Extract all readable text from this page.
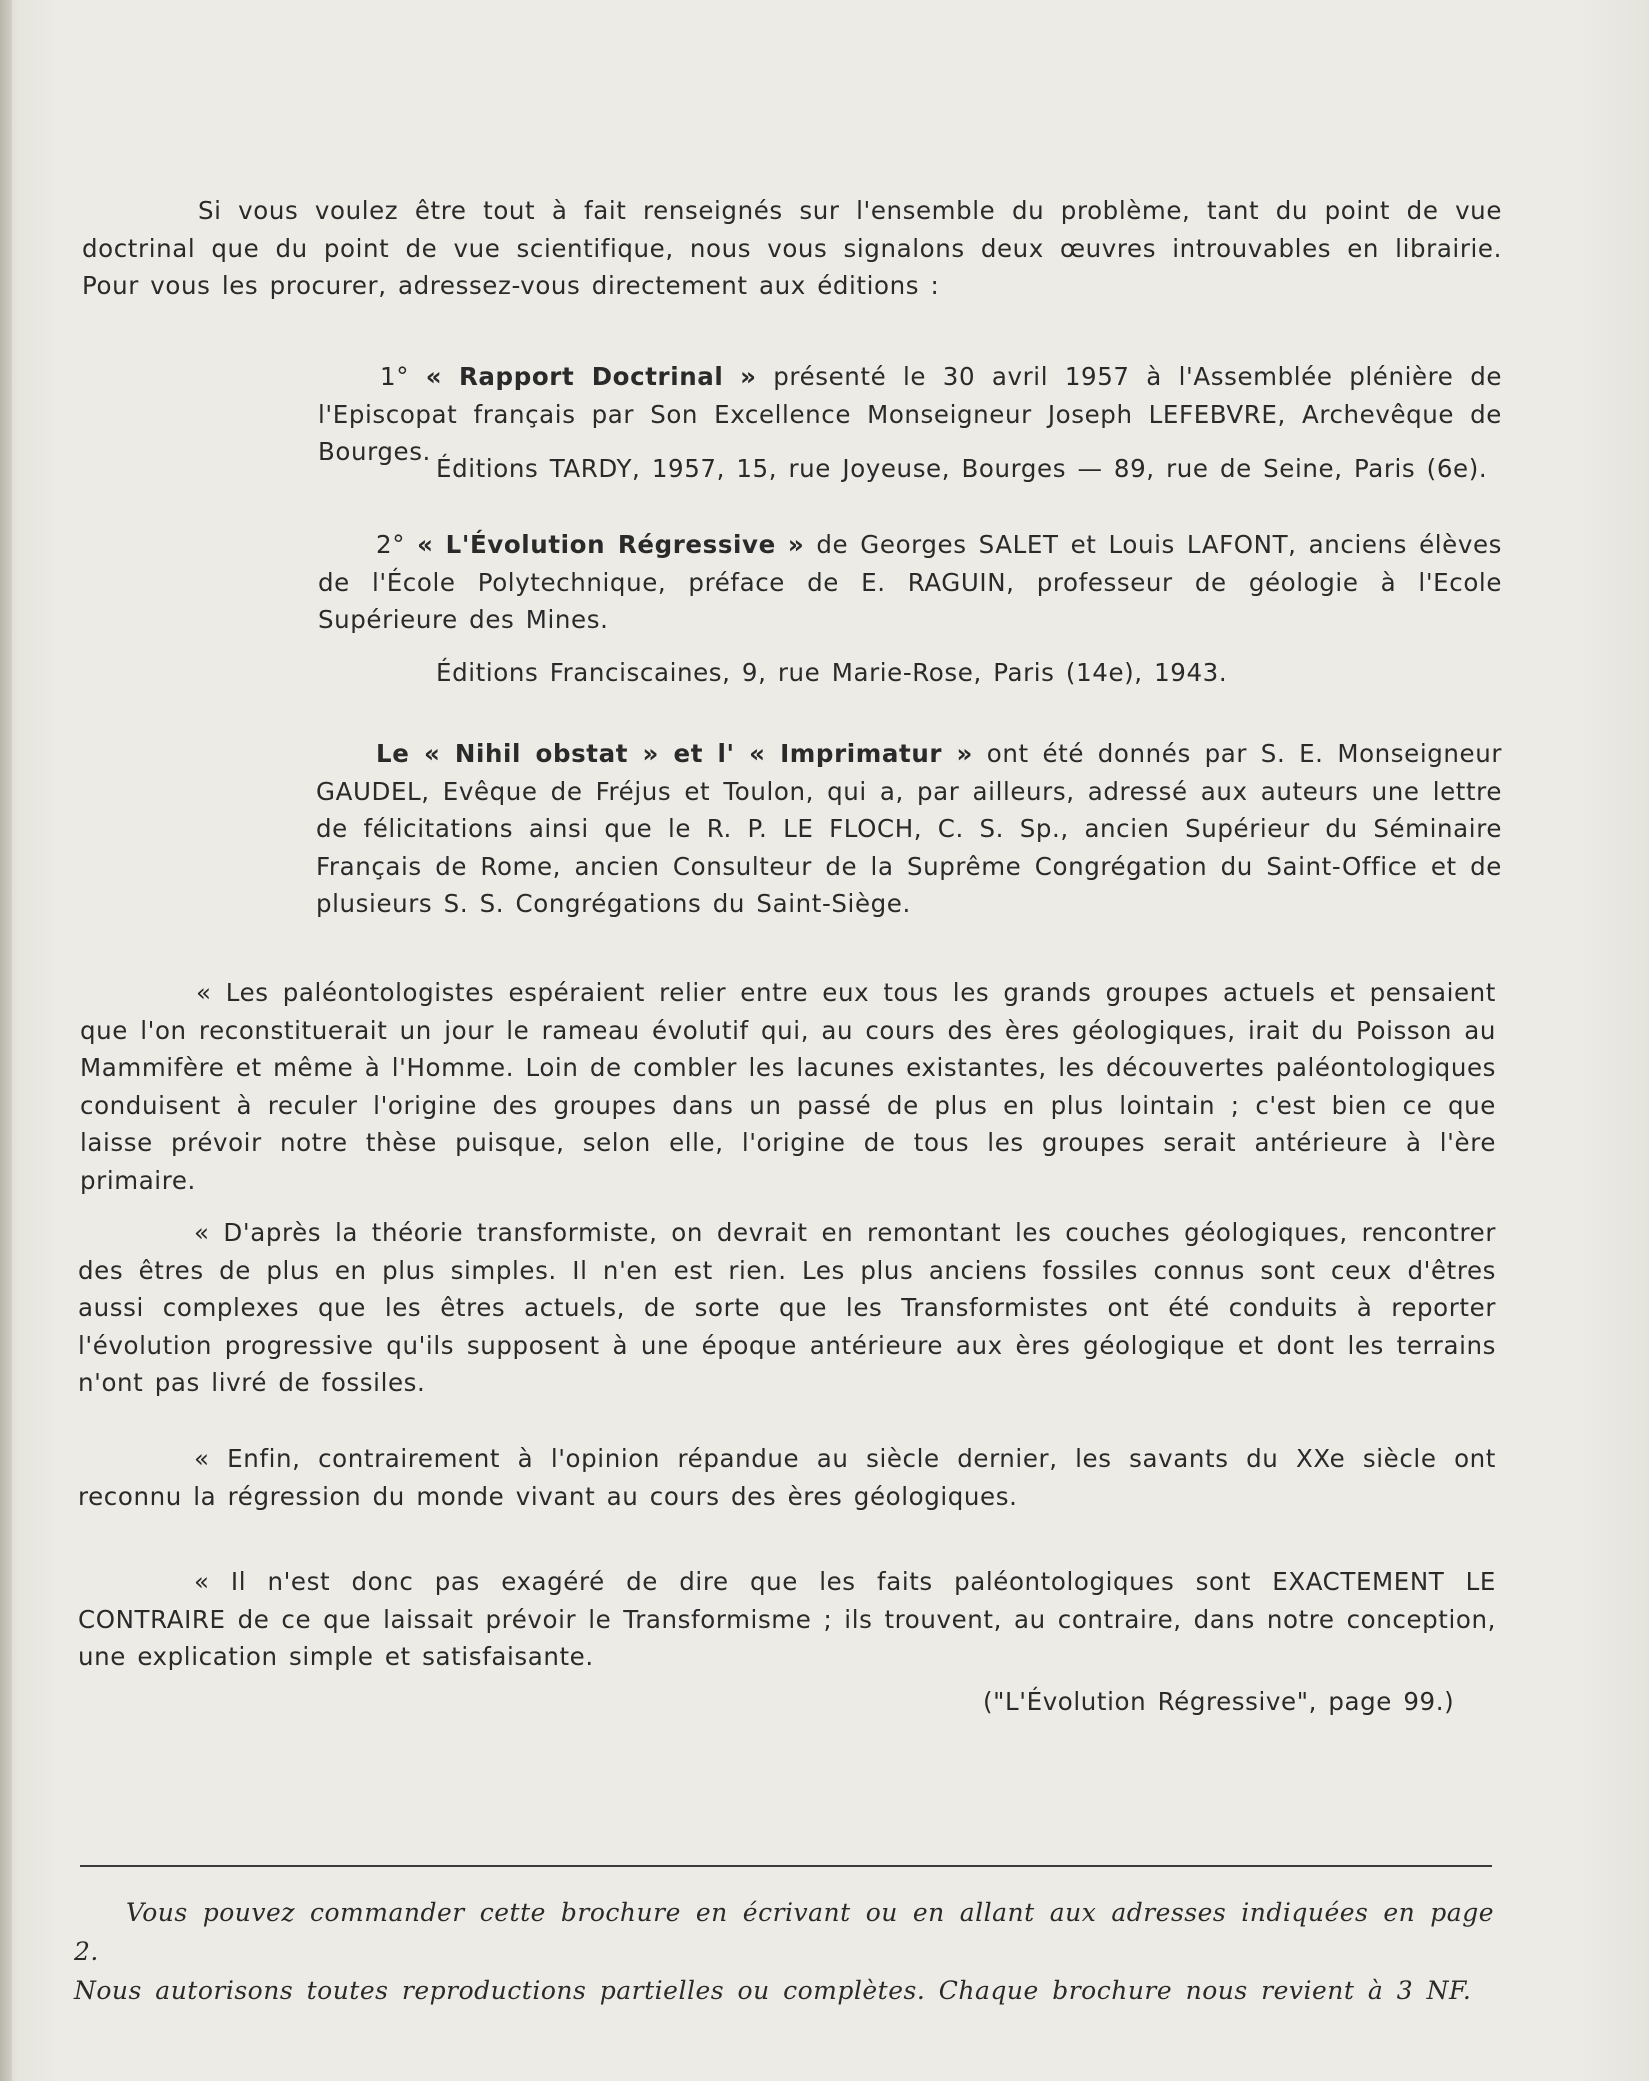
Si vous voulez être tout à fait renseignés sur l'ensemble du problème, tant du point de vue doctrinal que du point de vue scientifique, nous vous signalons deux œuvres introuvables en librairie. Pour vous les procurer, adressez-vous directement aux éditions :

1° « Rapport Doctrinal » présenté le 30 avril 1957 à l'Assemblée plénière de l'Episcopat français par Son Excellence Monseigneur Joseph LEFEBVRE, Archevêque de Bourges.

Éditions TARDY, 1957, 15, rue Joyeuse, Bourges — 89, rue de Seine, Paris (6e).

2° « L'Évolution Régressive » de Georges SALET et Louis LAFONT, anciens élèves de l'École Polytechnique, préface de E. RAGUIN, professeur de géologie à l'Ecole Supérieure des Mines.

Éditions Franciscaines, 9, rue Marie-Rose, Paris (14e), 1943.

Le « Nihil obstat » et l' « Imprimatur » ont été donnés par S. E. Monseigneur GAUDEL, Evêque de Fréjus et Toulon, qui a, par ailleurs, adressé aux auteurs une lettre de félicitations ainsi que le R. P. LE FLOCH, C. S. Sp., ancien Supérieur du Séminaire Français de Rome, ancien Consulteur de la Suprême Congrégation du Saint-Office et de plusieurs S. S. Congrégations du Saint-Siège.

« Les paléontologistes espéraient relier entre eux tous les grands groupes actuels et pensaient que l'on reconstituerait un jour le rameau évolutif qui, au cours des ères géologiques, irait du Poisson au Mammifère et même à l'Homme. Loin de combler les lacunes existantes, les découvertes paléontologiques conduisent à reculer l'origine des groupes dans un passé de plus en plus lointain ; c'est bien ce que laisse prévoir notre thèse puisque, selon elle, l'origine de tous les groupes serait antérieure à l'ère primaire.

« D'après la théorie transformiste, on devrait en remontant les couches géologiques, rencontrer des êtres de plus en plus simples. Il n'en est rien. Les plus anciens fossiles connus sont ceux d'êtres aussi complexes que les êtres actuels, de sorte que les Transformistes ont été conduits à reporter l'évolution progressive qu'ils supposent à une époque antérieure aux ères géologique et dont les terrains n'ont pas livré de fossiles.

« Enfin, contrairement à l'opinion répandue au siècle dernier, les savants du XXe siècle ont reconnu la régression du monde vivant au cours des ères géologiques.

« Il n'est donc pas exagéré de dire que les faits paléontologiques sont EXACTEMENT LE CONTRAIRE de ce que laissait prévoir le Transformisme ; ils trouvent, au contraire, dans notre conception, une explication simple et satisfaisante.

("L'Évolution Régressive", page 99.)

Vous pouvez commander cette brochure en écrivant ou en allant aux adresses indiquées en page 2.

Nous autorisons toutes reproductions partielles ou complètes. Chaque brochure nous revient à 3 NF.
